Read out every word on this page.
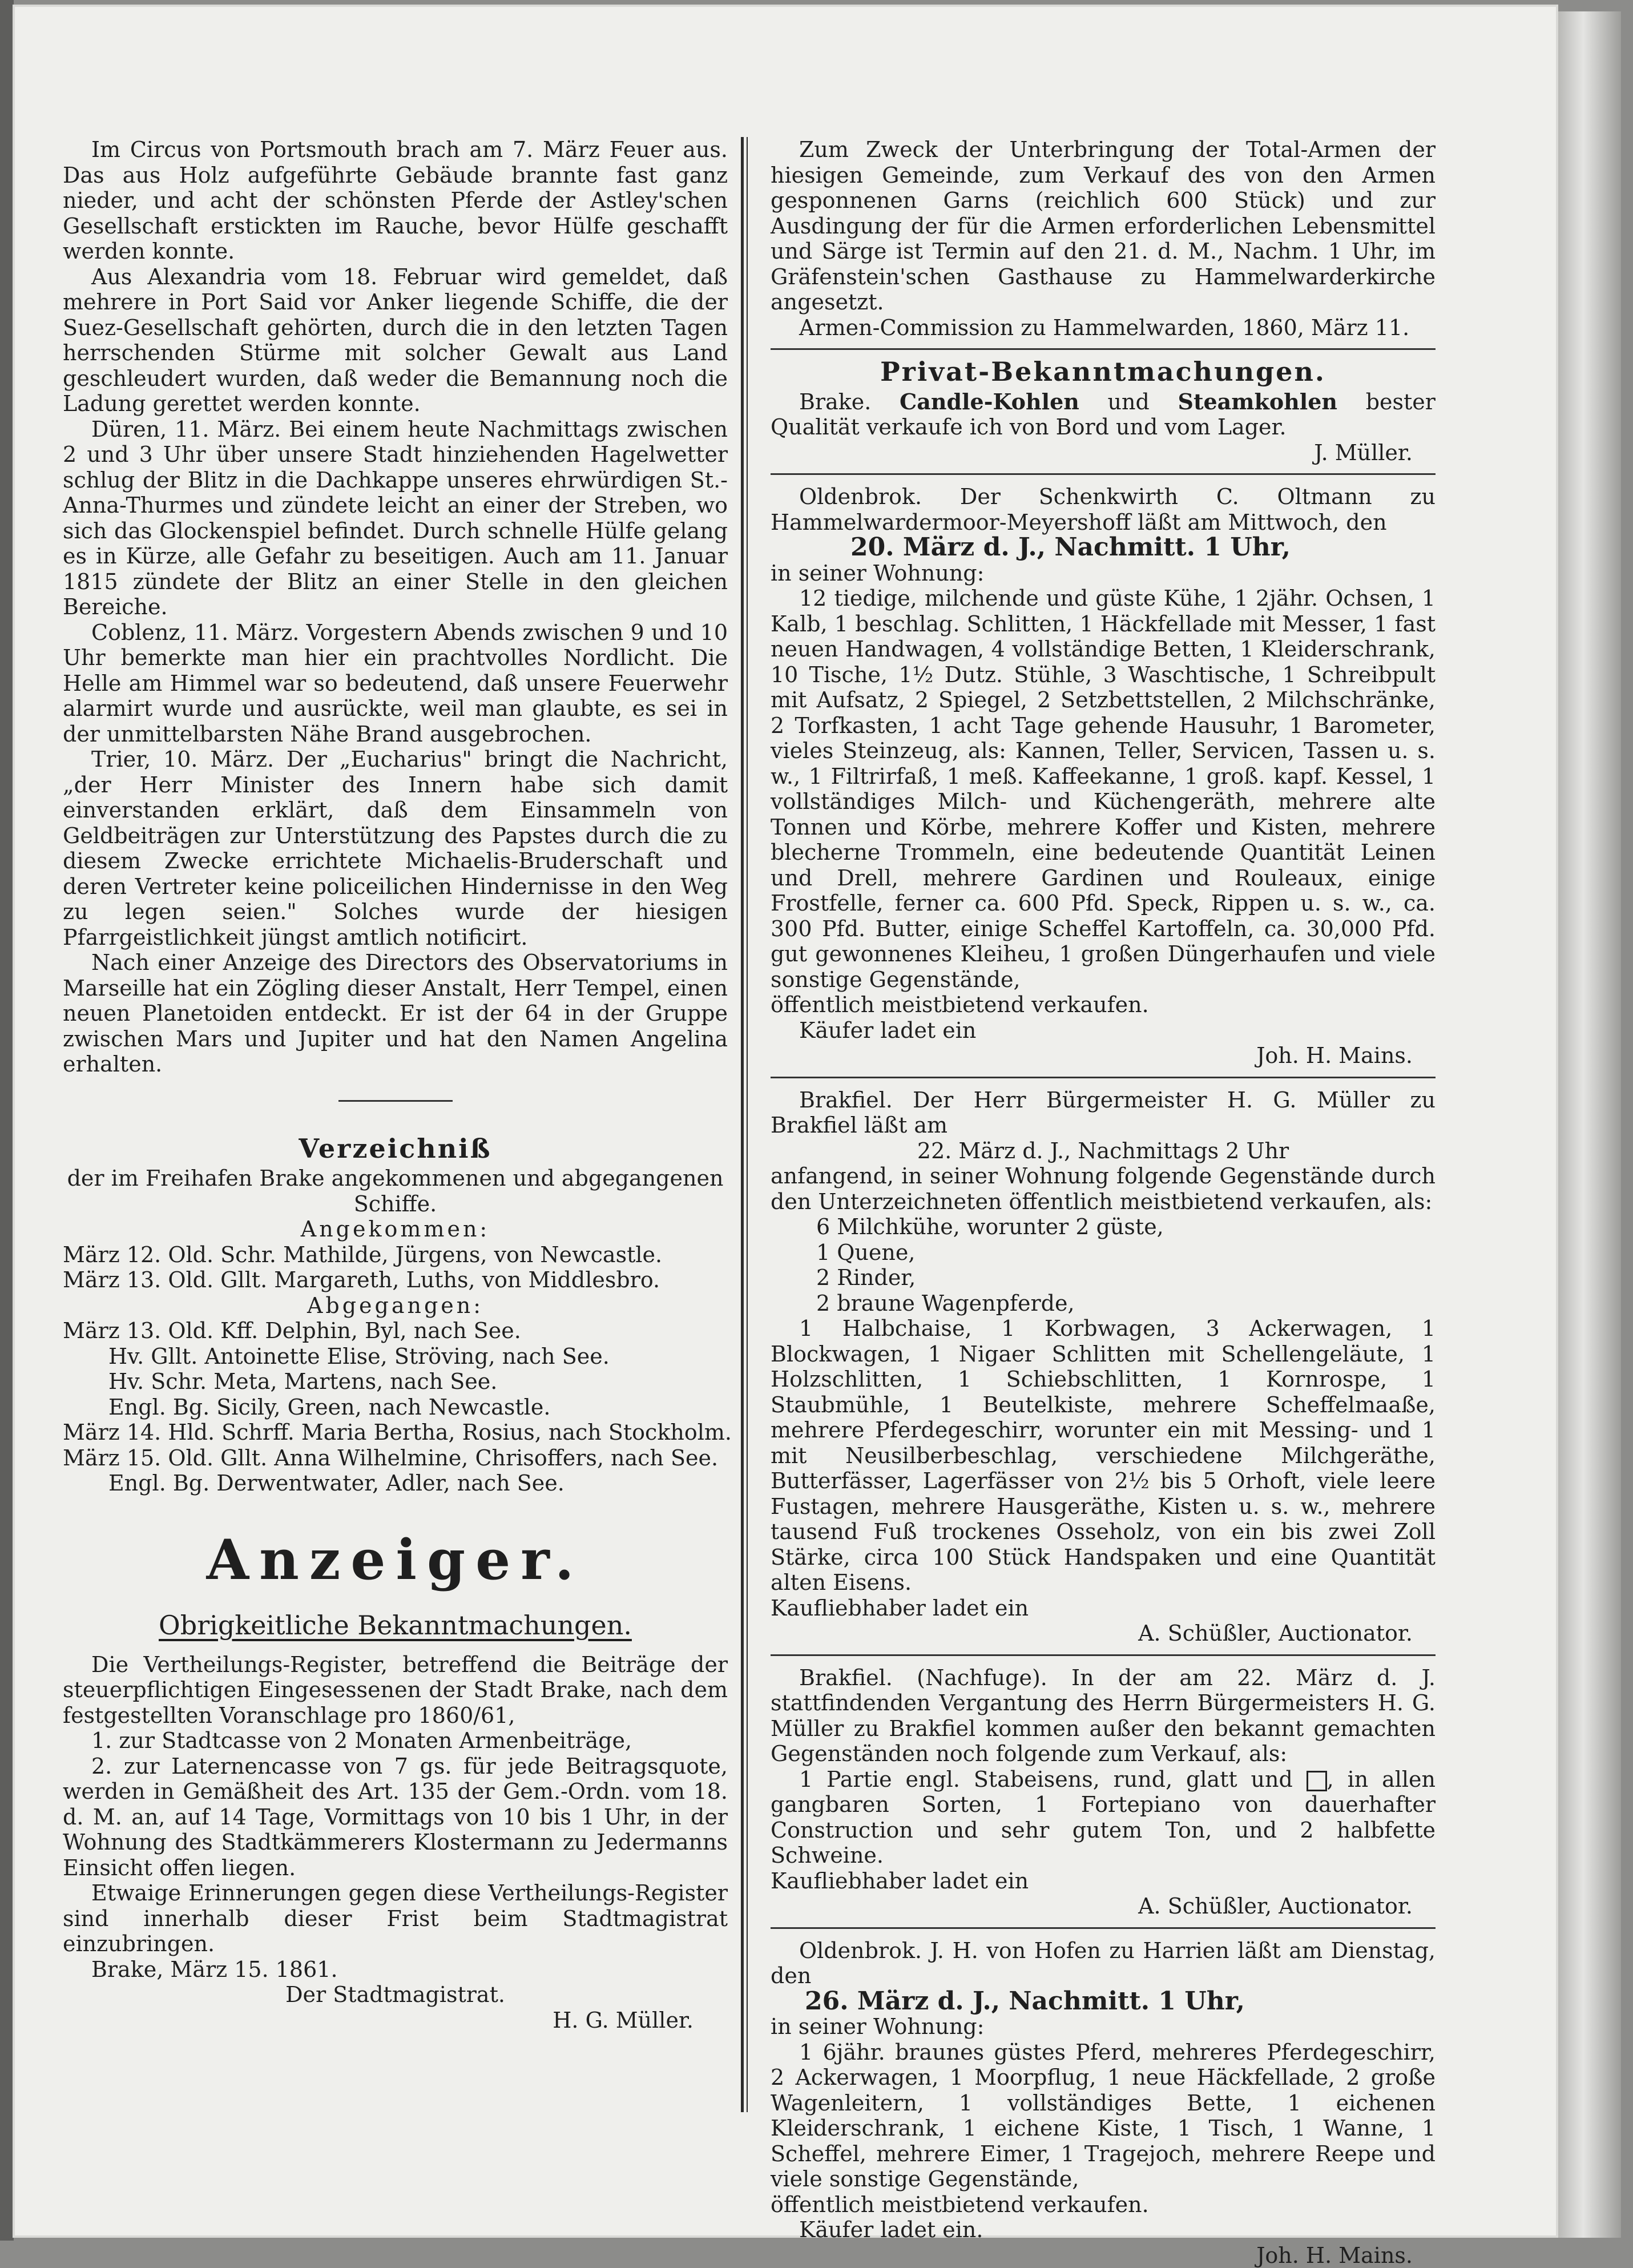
Im Circus von Portsmouth brach am 7. März Feuer aus. Das aus Holz aufgeführte Gebäude brannte fast ganz nieder, und acht der schönsten Pferde der Astley'schen Gesellschaft erstickten im Rauche, bevor Hülfe geschafft werden konnte.

Aus Alexandria vom 18. Februar wird gemeldet, daß mehrere in Port Said vor Anker liegende Schiffe, die der Suez-Gesellschaft gehörten, durch die in den letzten Tagen herrschenden Stürme mit solcher Gewalt aus Land geschleudert wurden, daß weder die Bemannung noch die Ladung gerettet werden konnte.

Düren, 11. März. Bei einem heute Nachmittags zwischen 2 und 3 Uhr über unsere Stadt hinziehenden Hagelwetter schlug der Blitz in die Dachkappe unseres ehrwürdigen St.-Anna-Thurmes und zündete leicht an einer der Streben, wo sich das Glockenspiel befindet. Durch schnelle Hülfe gelang es in Kürze, alle Gefahr zu beseitigen. Auch am 11. Januar 1815 zündete der Blitz an einer Stelle in den gleichen Bereiche.

Coblenz, 11. März. Vorgestern Abends zwischen 9 und 10 Uhr bemerkte man hier ein prachtvolles Nordlicht. Die Helle am Himmel war so bedeutend, daß unsere Feuerwehr alarmirt wurde und ausrückte, weil man glaubte, es sei in der unmittelbarsten Nähe Brand ausgebrochen.

Trier, 10. März. Der „Eucharius" bringt die Nachricht, „der Herr Minister des Innern habe sich damit einverstanden erklärt, daß dem Einsammeln von Geldbeiträgen zur Unterstützung des Papstes durch die zu diesem Zwecke errichtete Michaelis-Bruderschaft und deren Vertreter keine policeilichen Hindernisse in den Weg zu legen seien." Solches wurde der hiesigen Pfarrgeistlichkeit jüngst amtlich notificirt.

Nach einer Anzeige des Directors des Observatoriums in Marseille hat ein Zögling dieser Anstalt, Herr Tempel, einen neuen Planetoiden entdeckt. Er ist der 64 in der Gruppe zwischen Mars und Jupiter und hat den Namen Angelina erhalten.

Verzeichniß

der im Freihafen Brake angekommenen und abgegangenen Schiffe.

Angekommen:

März 12. Old. Schr. Mathilde, Jürgens, von Newcastle.
März 13. Old. Gllt. Margareth, Luths, von Middlesbro.

Abgegangen:

März 13. Old. Kff. Delphin, Byl, nach See.
Hv. Gllt. Antoinette Elise, Ströving, nach See.
Hv. Schr. Meta, Martens, nach See.
Engl. Bg. Sicily, Green, nach Newcastle.
März 14. Hld. Schrff. Maria Bertha, Rosius, nach Stockholm.
März 15. Old. Gllt. Anna Wilhelmine, Chrisoffers, nach See.
Engl. Bg. Derwentwater, Adler, nach See.
Anzeiger.
Obrigkeitliche Bekanntmachungen.

Die Vertheilungs-Register, betreffend die Beiträge der steuerpflichtigen Eingesessenen der Stadt Brake, nach dem festgestellten Voranschlage pro 1860/61,

1. zur Stadtcasse von 2 Monaten Armenbeiträge,

2. zur Laternencasse von 7 gs. für jede Beitragsquote, werden in Gemäßheit des Art. 135 der Gem.-Ordn. vom 18. d. M. an, auf 14 Tage, Vormittags von 10 bis 1 Uhr, in der Wohnung des Stadtkämmerers Klostermann zu Jedermanns Einsicht offen liegen.

Etwaige Erinnerungen gegen diese Vertheilungs-Register sind innerhalb dieser Frist beim Stadtmagistrat einzubringen.

Brake, März 15. 1861.

Der Stadtmagistrat.

H. G. Müller.

Zum Zweck der Unterbringung der Total-Armen der hiesigen Gemeinde, zum Verkauf des von den Armen gesponnenen Garns (reichlich 600 Stück) und zur Ausdingung der für die Armen erforderlichen Lebensmittel und Särge ist Termin auf den 21. d. M., Nachm. 1 Uhr, im Gräfenstein'schen Gasthause zu Hammelwarderkirche angesetzt.

Armen-Commission zu Hammelwarden, 1860, März 11.

Privat-Bekanntmachungen.

Brake. Candle-Kohlen und Steamkohlen bester Qualität verkaufe ich von Bord und vom Lager.

J. Müller.

Oldenbrok. Der Schenkwirth C. Oltmann zu Hammelwardermoor-Meyershoff läßt am Mittwoch, den

20. März d. J., Nachmitt. 1 Uhr,

in seiner Wohnung:

12 tiedige, milchende und güste Kühe, 1 2jähr. Ochsen, 1 Kalb, 1 beschlag. Schlitten, 1 Häckfellade mit Messer, 1 fast neuen Handwagen, 4 vollständige Betten, 1 Kleiderschrank, 10 Tische, 1½ Dutz. Stühle, 3 Waschtische, 1 Schreibpult mit Aufsatz, 2 Spiegel, 2 Setzbettstellen, 2 Milchschränke, 2 Torfkasten, 1 acht Tage gehende Hausuhr, 1 Barometer, vieles Steinzeug, als: Kannen, Teller, Servicen, Tassen u. s. w., 1 Filtrirfaß, 1 meß. Kaffeekanne, 1 groß. kapf. Kessel, 1 vollständiges Milch- und Küchengeräth, mehrere alte Tonnen und Körbe, mehrere Koffer und Kisten, mehrere blecherne Trommeln, eine bedeutende Quantität Leinen und Drell, mehrere Gardinen und Rouleaux, einige Frostfelle, ferner ca. 600 Pfd. Speck, Rippen u. s. w., ca. 300 Pfd. Butter, einige Scheffel Kartoffeln, ca. 30,000 Pfd. gut gewonnenes Kleiheu, 1 großen Düngerhaufen und viele sonstige Gegenstände,

öffentlich meistbietend verkaufen.

Käufer ladet ein

Joh. H. Mains.

Brakfiel. Der Herr Bürgermeister H. G. Müller zu Brakfiel läßt am

22. März d. J., Nachmittags 2 Uhr

anfangend, in seiner Wohnung folgende Gegenstände durch den Unterzeichneten öffentlich meistbietend verkaufen, als:

6 Milchkühe, worunter 2 güste,
1 Quene,
2 Rinder,
2 braune Wagenpferde,

1 Halbchaise, 1 Korbwagen, 3 Ackerwagen, 1 Blockwagen, 1 Nigaer Schlitten mit Schellengeläute, 1 Holzschlitten, 1 Schiebschlitten, 1 Kornrospe, 1 Staubmühle, 1 Beutelkiste, mehrere Scheffelmaaße, mehrere Pferdegeschirr, worunter ein mit Messing- und 1 mit Neusilberbeschlag, verschiedene Milchgeräthe, Butterfässer, Lagerfässer von 2½ bis 5 Orhoft, viele leere Fustagen, mehrere Hausgeräthe, Kisten u. s. w., mehrere tausend Fuß trockenes Osseholz, von ein bis zwei Zoll Stärke, circa 100 Stück Handspaken und eine Quantität alten Eisens.

Kaufliebhaber ladet ein

A. Schüßler, Auctionator.

Brakfiel. (Nachfuge). In der am 22. März d. J. stattfindenden Vergantung des Herrn Bürgermeisters H. G. Müller zu Brakfiel kommen außer den bekannt gemachten Gegenständen noch folgende zum Verkauf, als:

1 Partie engl. Stabeisens, rund, glatt und , in allen gangbaren Sorten, 1 Fortepiano von dauerhafter Construction und sehr gutem Ton, und 2 halbfette Schweine.

Kaufliebhaber ladet ein

A. Schüßler, Auctionator.

Oldenbrok. J. H. von Hofen zu Harrien läßt am Dienstag, den

26. März d. J., Nachmitt. 1 Uhr,

in seiner Wohnung:

1 6jähr. braunes güstes Pferd, mehreres Pferdegeschirr, 2 Ackerwagen, 1 Moorpflug, 1 neue Häckfellade, 2 große Wagenleitern, 1 vollständiges Bette, 1 eichenen Kleiderschrank, 1 eichene Kiste, 1 Tisch, 1 Wanne, 1 Scheffel, mehrere Eimer, 1 Tragejoch, mehrere Reepe und viele sonstige Gegenstände,

öffentlich meistbietend verkaufen.

Käufer ladet ein.

Joh. H. Mains.
